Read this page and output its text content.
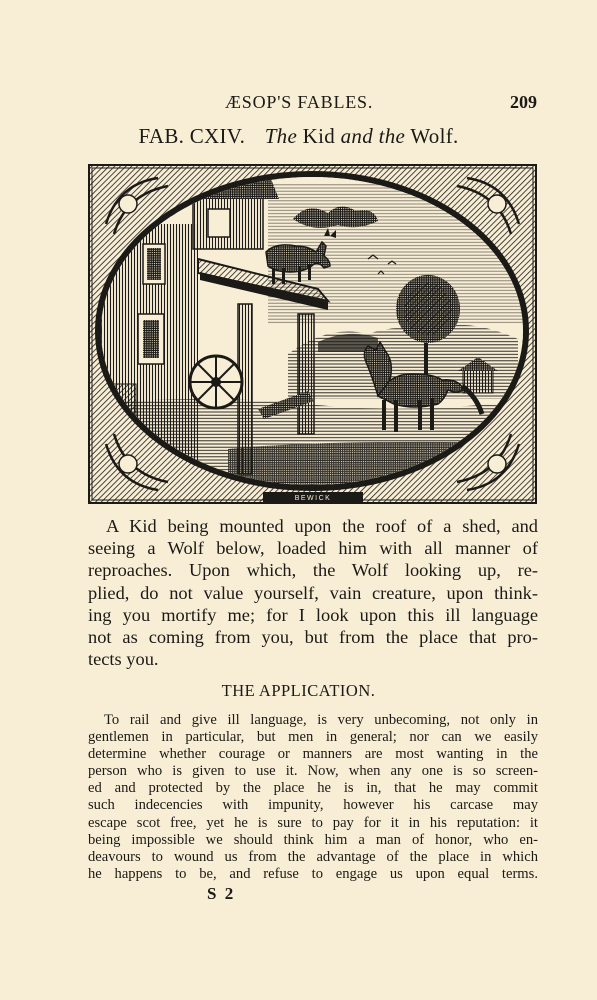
ÆSOP'S FABLES.	209
FAB. CXIV. The Kid and the Wolf.
BEWICK
A Kid being mounted upon the roof of a shed, and
seeing a Wolf below, loaded him with all manner of
reproaches. Upon which, the Wolf looking up, re-
plied, do not value yourself, vain creature, upon think-
ing you mortify me; for I look upon this ill language
not as coming from you, but from the place that pro-
tects you.
THE APPLICATION.
To rail and give ill language, is very unbecoming, not only in
gentlemen in particular, but men in general; nor can we easily
determine whether courage or manners are most wanting in the
person who is given to use it. Now, when any one is so screen-
ed and protected by the place he is in, that he may commit
such indecencies with impunity, however his carcase may
escape scot free, yet he is sure to pay for it in his reputation: it
being impossible we should think him a man of honor, who en-
deavours to wound us from the advantage of the place in which
he happens to be, and refuse to engage us upon equal terms.
S 2
